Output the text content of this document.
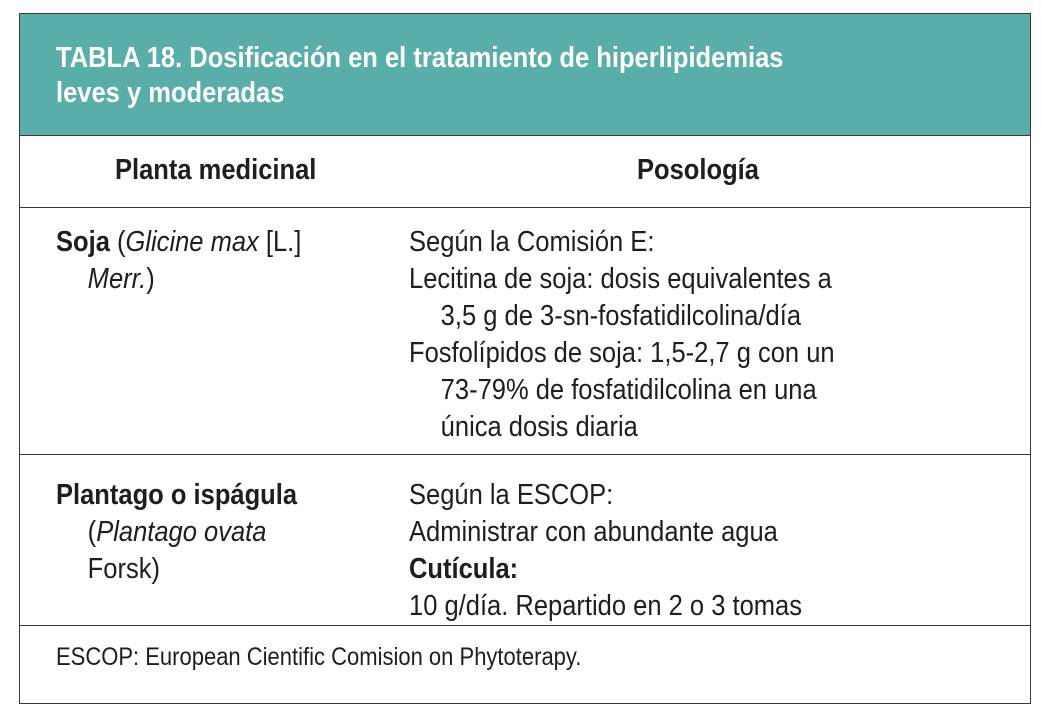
TABLA 18. Dosificación en el tratamiento de hiperlipidemias
leves y moderadas

Planta medicinal	Posología
Soja (Glicine max [L.]
Merr.)
Según la Comisión E:
Lecitina de soja: dosis equivalentes a
3,5 g de 3-sn-fosfatidilcolina/día
Fosfolípidos de soja: 1,5-2,7 g con un
73-79% de fosfatidilcolina en una
única dosis diaria
Plantago o ispágula
(Plantago ovata
Forsk)
Según la ESCOP:
Administrar con abundante agua
Cutícula:
10 g/día. Repartido en 2 o 3 tomas
ESCOP: European Cientific Comision on Phytoterapy.
